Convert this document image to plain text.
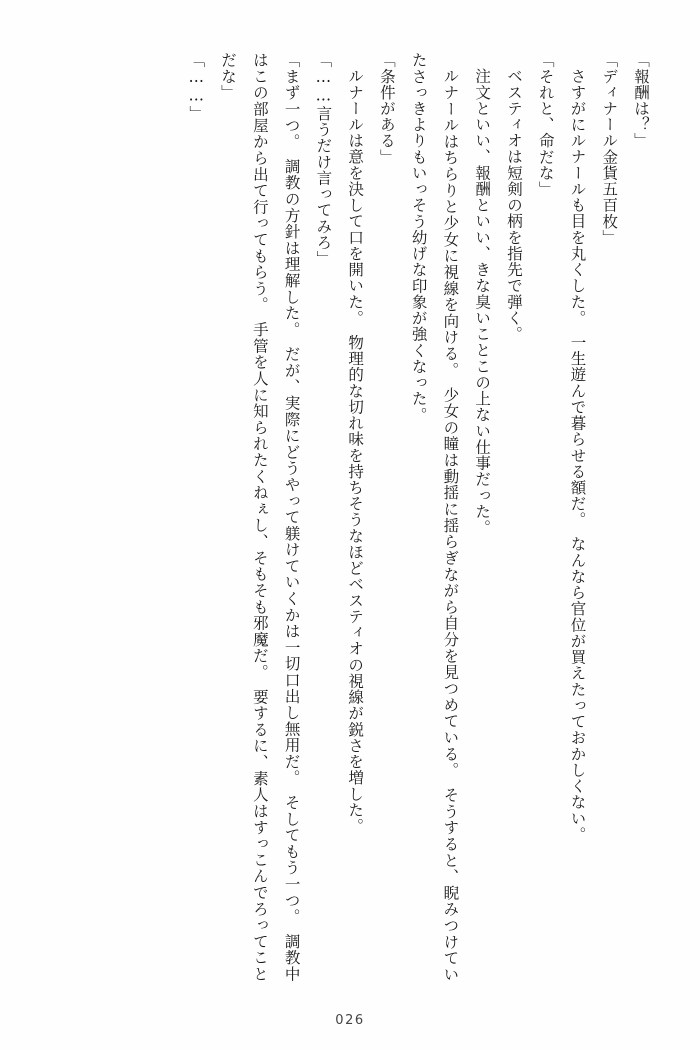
「報酬は？」

「ディナール金貨五百枚」

さすがにルナールも目を丸くした。　一生遊んで暮らせる額だ。　なんなら官位が買えたっておかしくない。

「それと、命だな」

ベスティオは短剣の柄を指先で弾く。

注文といい、報酬といい、きな臭いことこの上ない仕事だった。

ルナールはちらりと少女に視線を向ける。　少女の瞳は動揺に揺らぎながら自分を見つめている。　そうすると、睨みつけていたさっきよりもいっそう幼げな印象が強くなった。

「条件がある」

ルナールは意を決して口を開いた。　物理的な切れ味を持ちそうなほどベスティオの視線が鋭さを増した。

「……言うだけ言ってみろ」

「まず一つ。　調教の方針は理解した。　だが、実際にどうやって躾けていくかは一切口出し無用だ。　そしてもう一つ。　調教中はこの部屋から出て行ってもらう。　手管を人に知られたくねぇし、そもそも邪魔だ。　要するに、素人はすっこんでろってことだな」

「……」

026
